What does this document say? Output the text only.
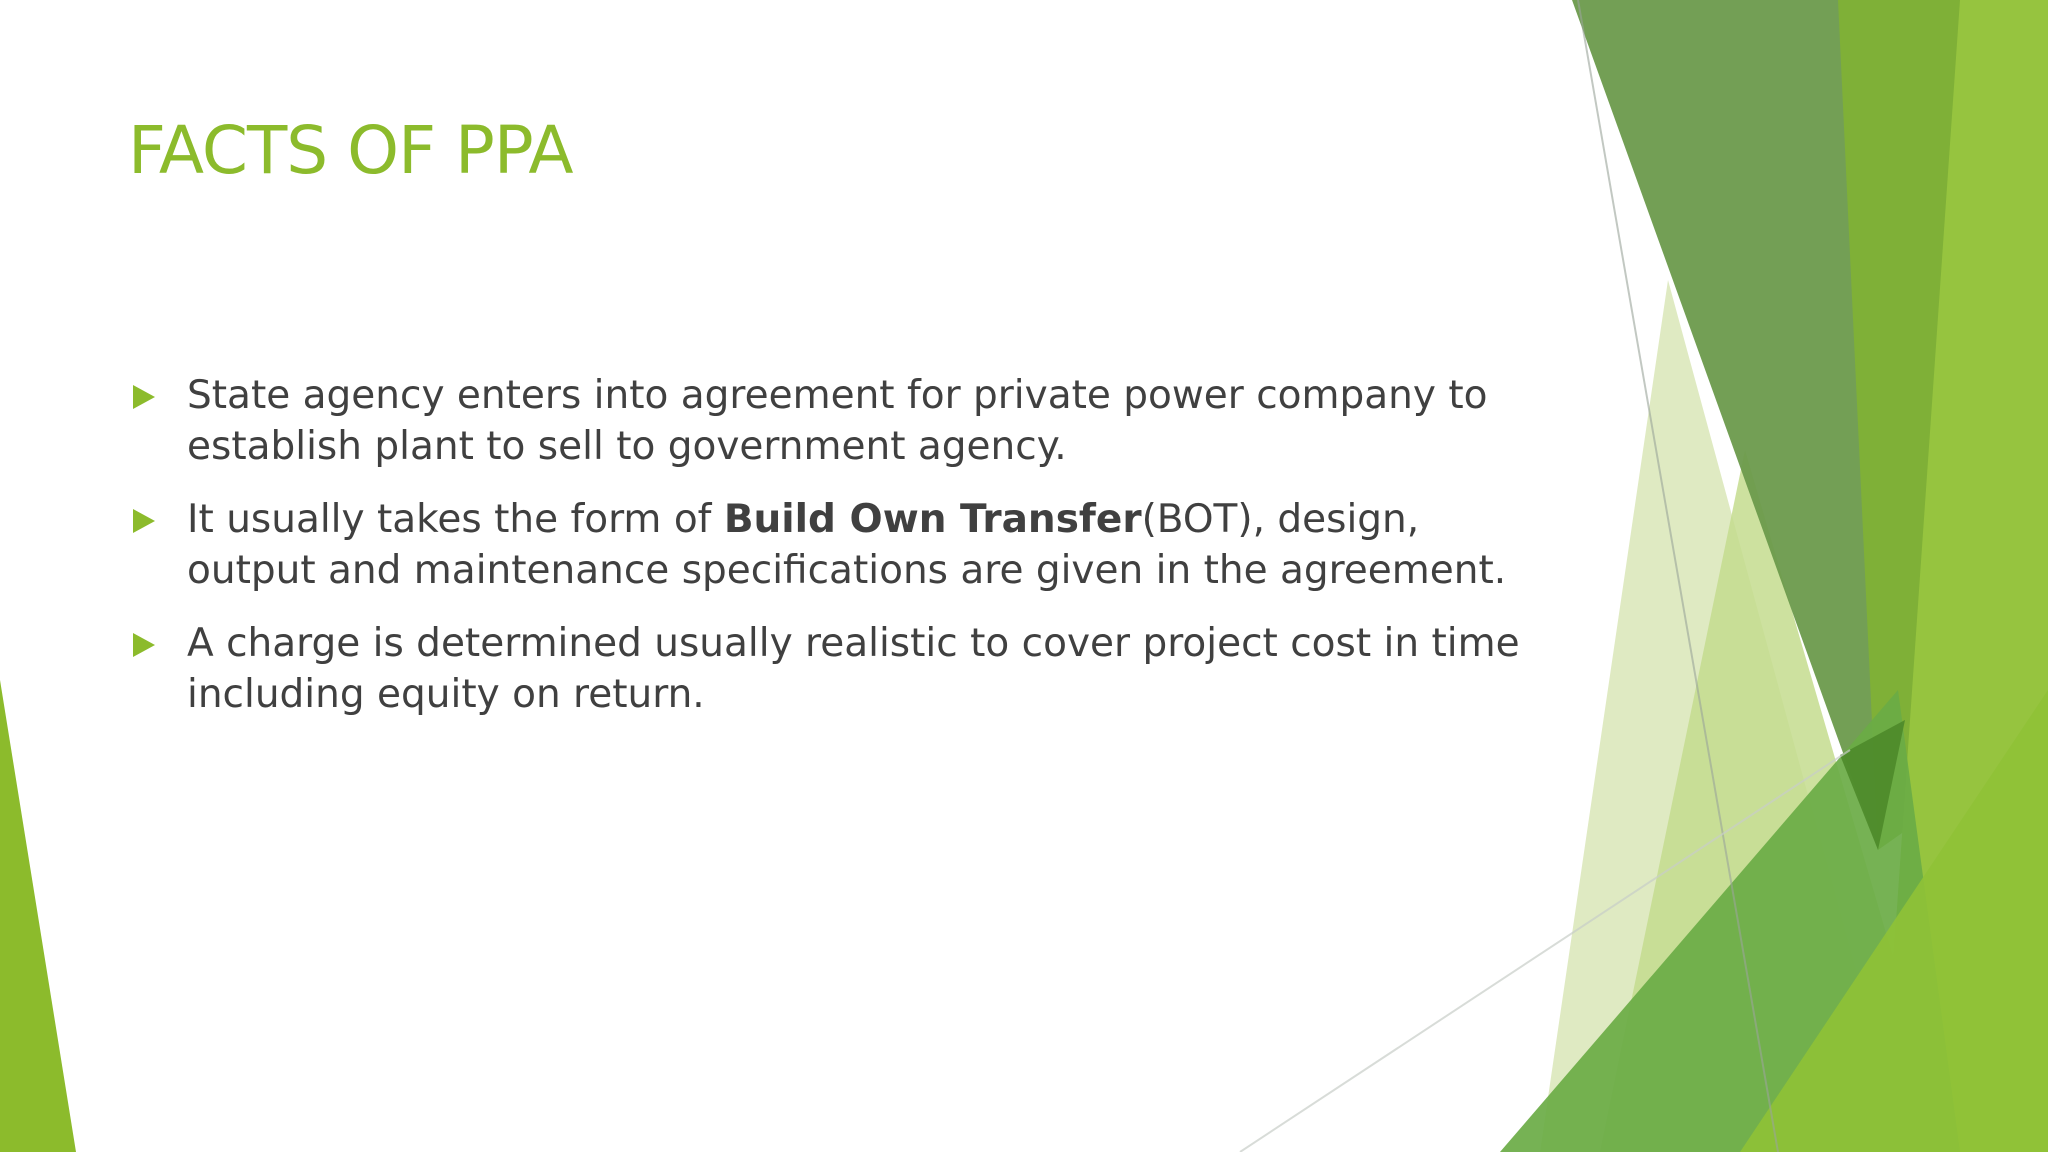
FACTS OF PPA
State agency enters into agreement for private power company to establish plant to sell to government agency.
It usually takes the form of Build Own Transfer(BOT), design, output and maintenance specifications are given in the agreement.
A charge is determined usually realistic to cover project cost in time including equity on return.
